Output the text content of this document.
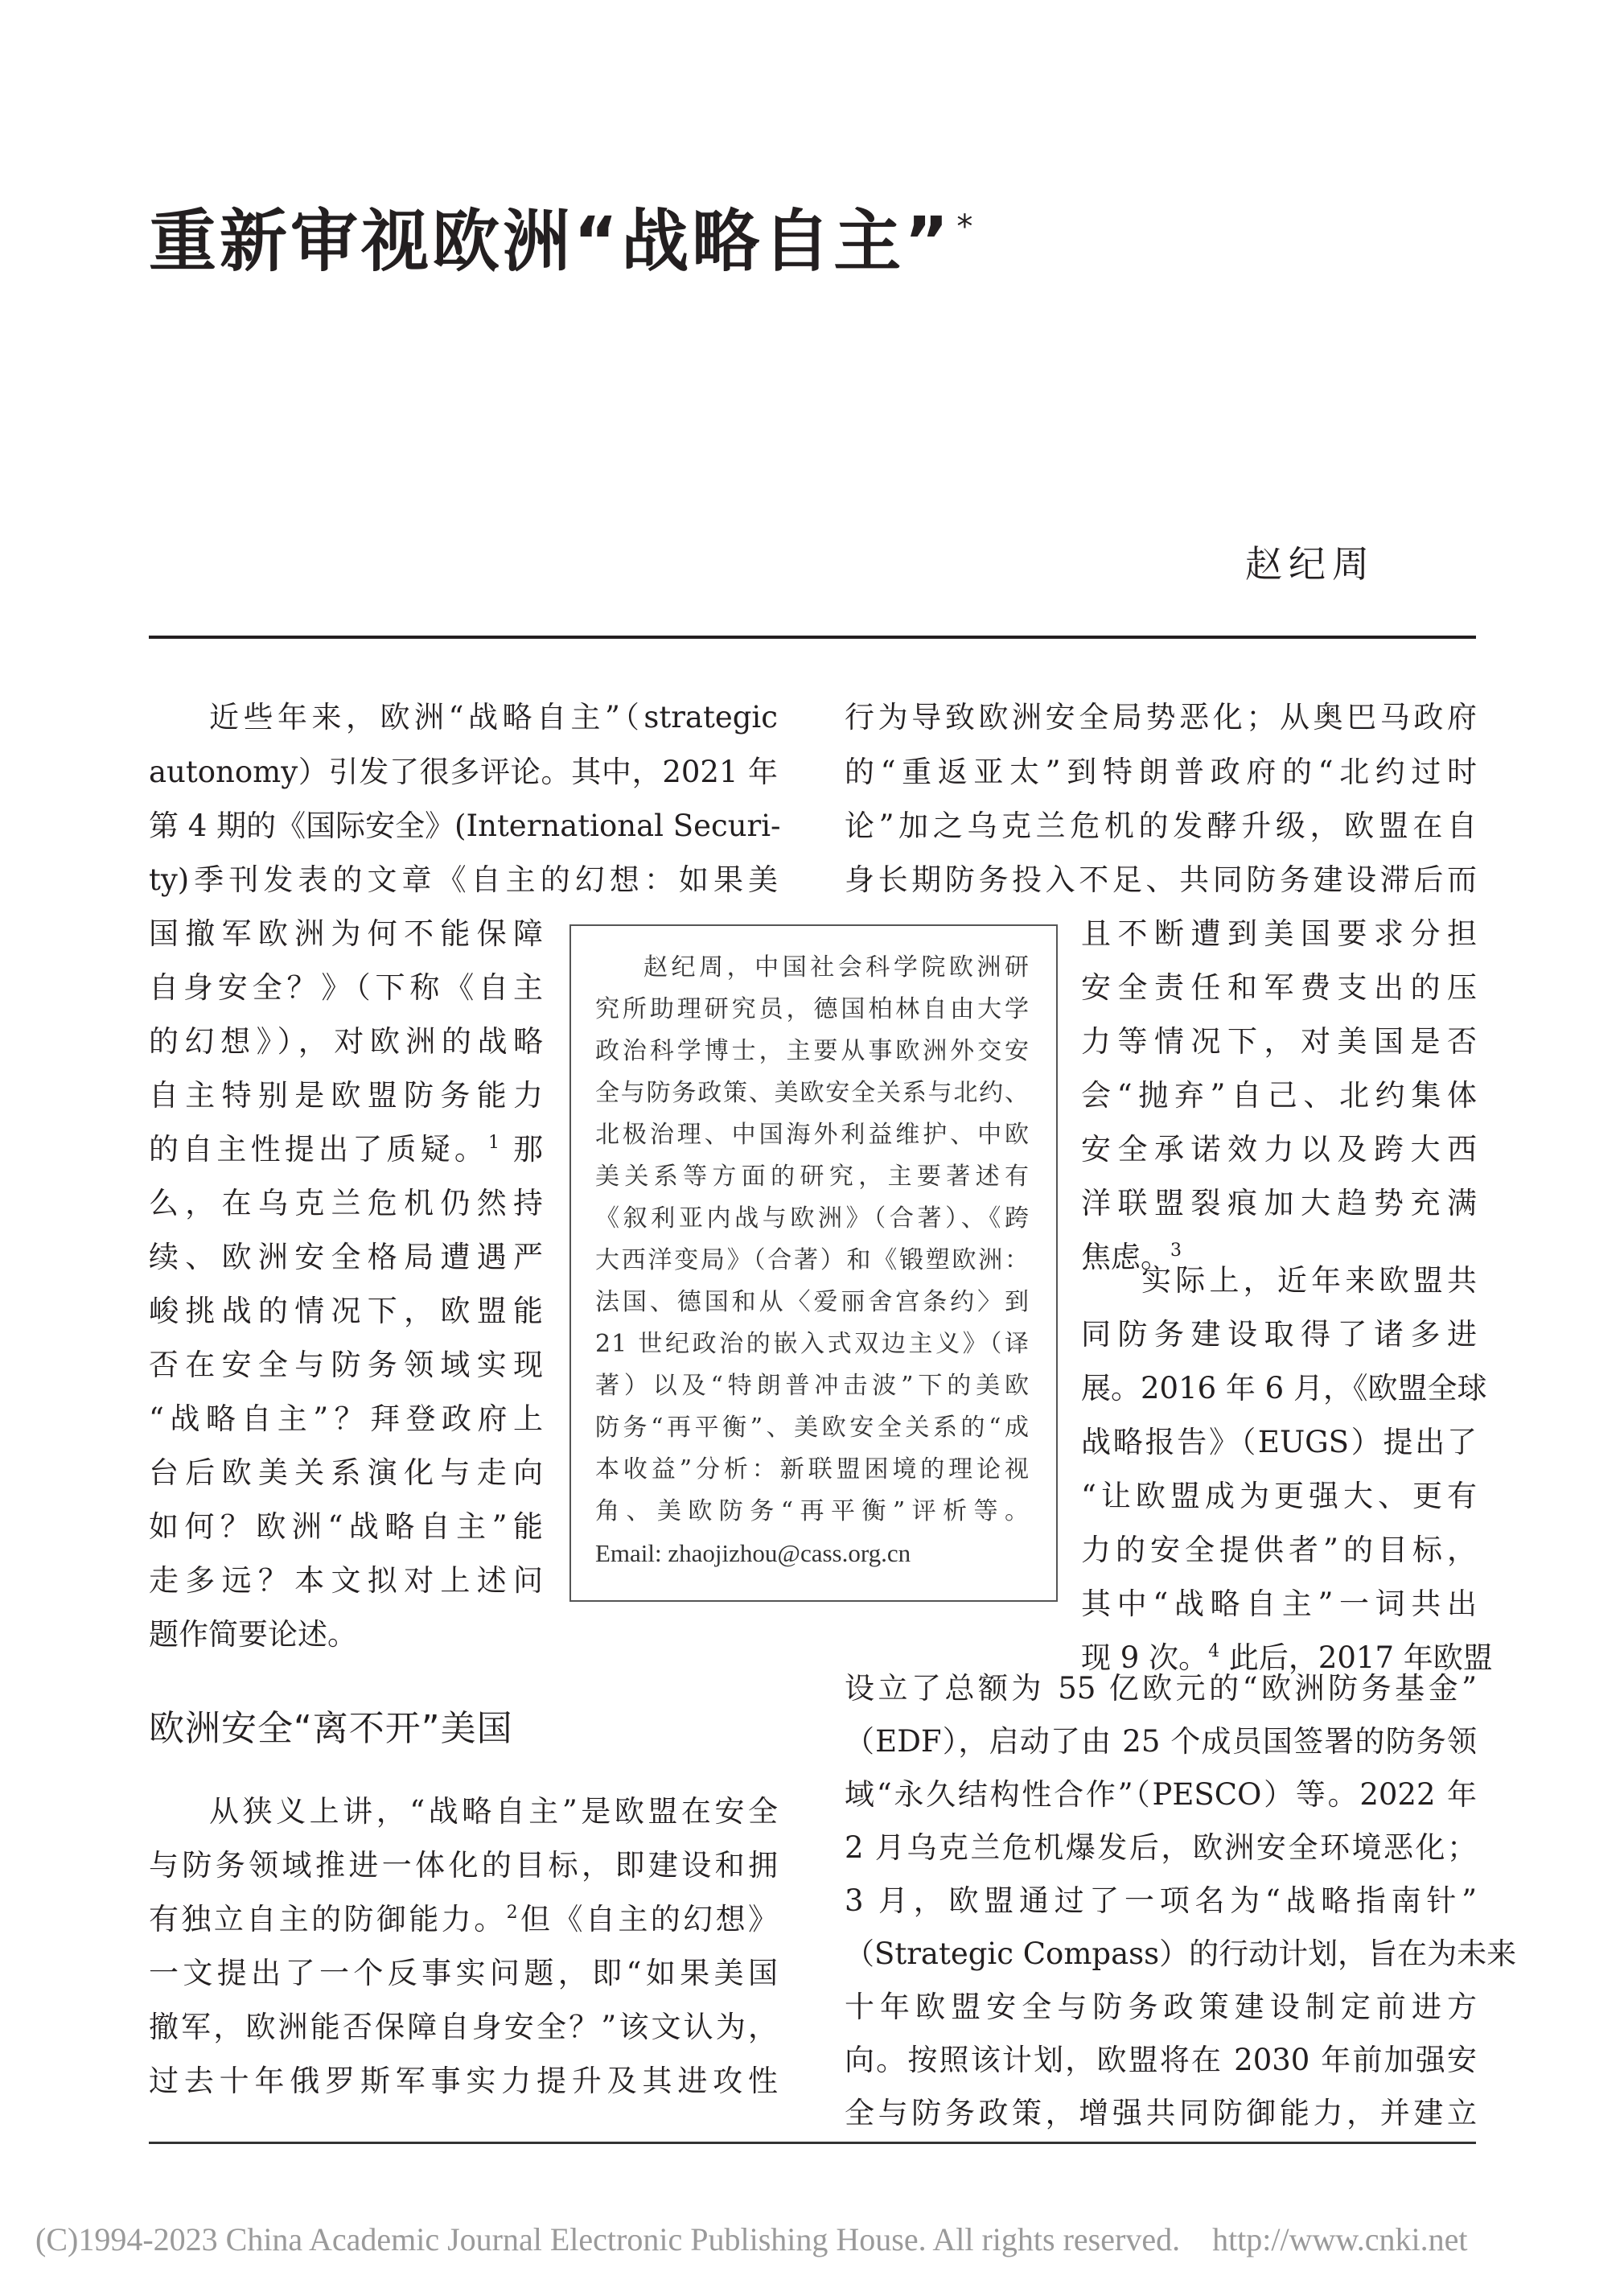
重新审视欧洲“战略自主” *
赵纪周
近些年来，欧洲“战略自主”（strategic
autonomy）引发了很多评论。其中，2021 年
第 4 期的《国际安全》(International Securi-
ty)季刊发表的文章《自主的幻想：如果美
国撤军欧洲为何不能保障
自身安全？》（下称《自主
的幻想》），对欧洲的战略
自主特别是欧盟防务能力
的自主性提出了质疑。$^1$ 那
么，在乌克兰危机仍然持
续、欧洲安全格局遭遇严
峻挑战的情况下，欧盟能
否在安全与防务领域实现
“战略自主”？拜登政府上
台后欧美关系演化与走向
如何？欧洲“战略自主”能
走多远？本文拟对上述问
题作简要论述。
赵纪周，中国社会科学院欧洲研
究所助理研究员，德国柏林自由大学
政治科学博士，主要从事欧洲外交安
全与防务政策、美欧安全关系与北约、
北极治理、中国海外利益维护、中欧
美关系等方面的研究，主要著述有
《叙利亚内战与欧洲》（合著）、《跨
大西洋变局》（合著）和《锻塑欧洲：
法国、德国和从〈爱丽舍宫条约〉到
21 世纪政治的嵌入式双边主义》（译
著）以及“特朗普冲击波”下的美欧
防务“再平衡”、美欧安全关系的“成
本收益”分析：新联盟困境的理论视
角、美欧防务“再平衡”评析等。
Email: zhaojizhou@cass.org.cn
欧洲安全“离不开”美国
从狭义上讲，“战略自主”是欧盟在安全
与防务领域推进一体化的目标，即建设和拥
有独立自主的防御能力。$^2$但《自主的幻想》
一文提出了一个反事实问题，即“如果美国
撤军，欧洲能否保障自身安全？”该文认为，
过去十年俄罗斯军事实力提升及其进攻性
行为导致欧洲安全局势恶化；从奥巴马政府
的“重返亚太”到特朗普政府的“北约过时
论”加之乌克兰危机的发酵升级，欧盟在自
身长期防务投入不足、共同防务建设滞后而
且不断遭到美国要求分担
安全责任和军费支出的压
力等情况下，对美国是否
会“抛弃”自己、北约集体
安全承诺效力以及跨大西
洋联盟裂痕加大趋势充满
焦虑。$^3$
实际上，近年来欧盟共
同防务建设取得了诸多进
展。2016 年 6 月，《欧盟全球
战略报告》（EUGS）提出了
“让欧盟成为更强大、更有
力的安全提供者”的目标，
其中“战略自主”一词共出
现 9 次。$^4$ 此后，2017 年欧盟
设立了总额为 55 亿欧元的“欧洲防务基金”
（EDF），启动了由 25 个成员国签署的防务领
域“永久结构性合作”（PESCO）等。2022 年
2 月乌克兰危机爆发后，欧洲安全环境恶化；
3 月，欧盟通过了一项名为“战略指南针”
（Strategic Compass）的行动计划，旨在为未来
十年欧盟安全与防务政策建设制定前进方
向。按照该计划，欧盟将在 2030 年前加强安
全与防务政策，增强共同防御能力，并建立
(C)1994-2023 China Academic Journal Electronic Publishing House. All rights reserved.    http://www.cnki.net
